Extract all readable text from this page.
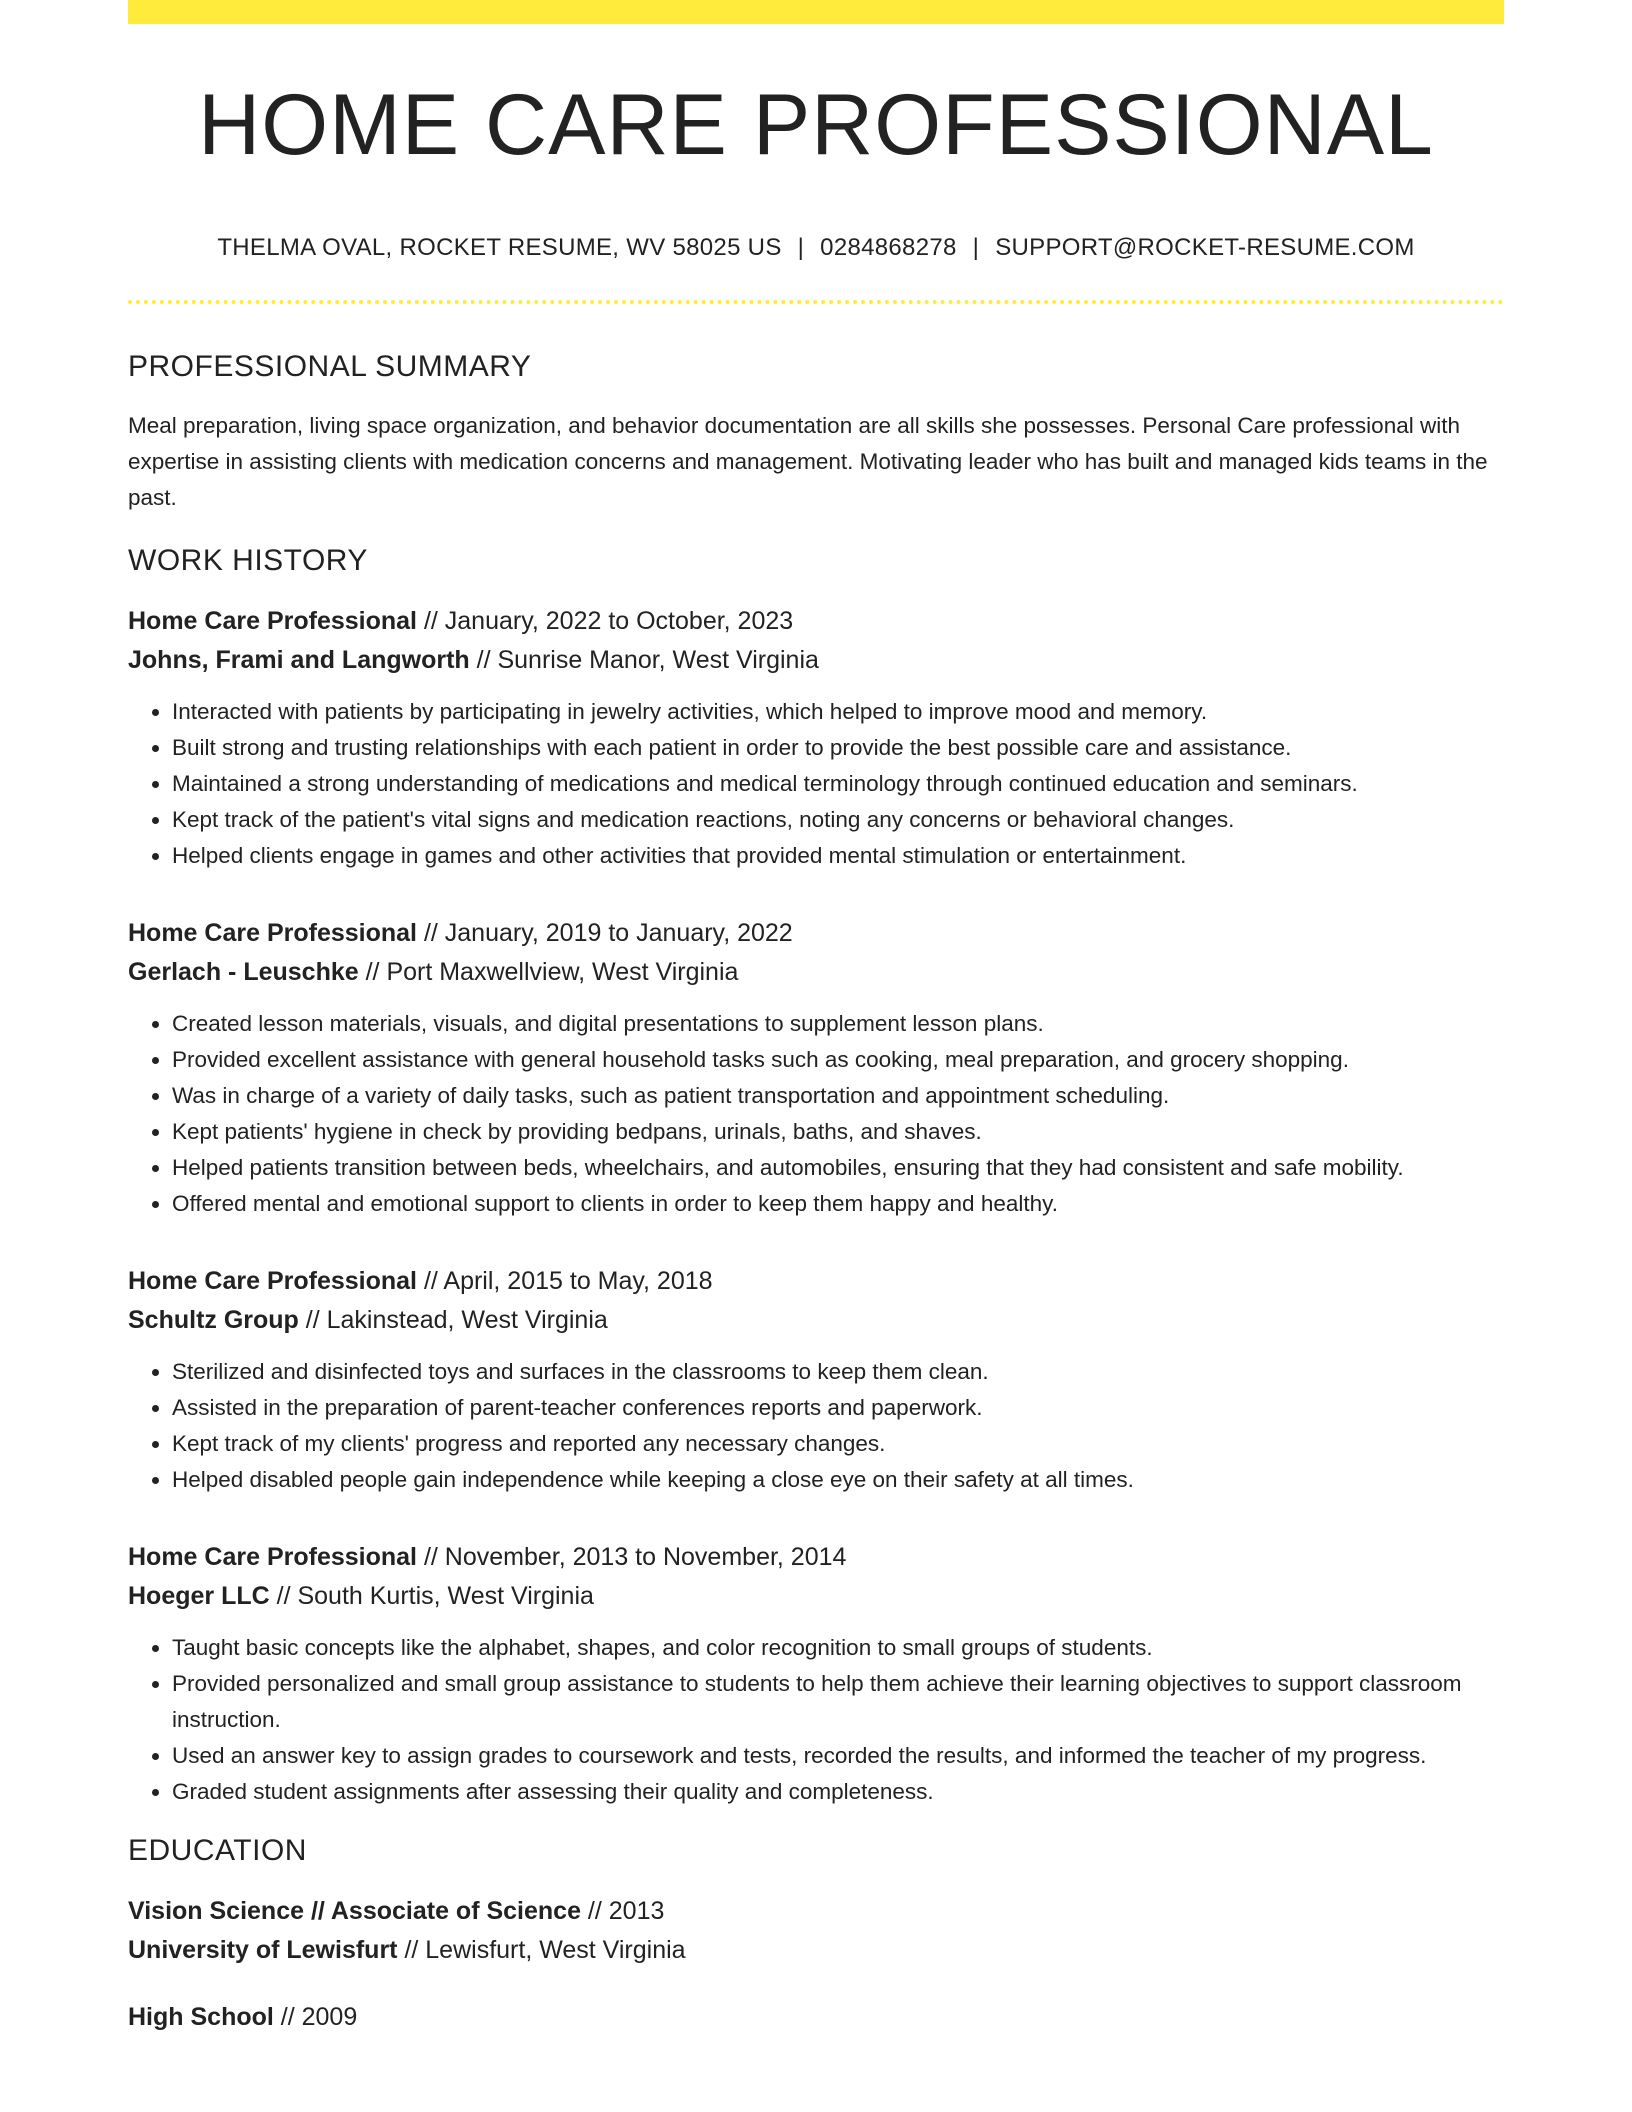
HOME CARE PROFESSIONAL
THELMA OVAL, ROCKET RESUME, WV 58025 US | 0284868278 | SUPPORT@ROCKET-RESUME.COM
PROFESSIONAL SUMMARY

Meal preparation, living space organization, and behavior documentation are all skills she possesses. Personal Care professional with expertise in assisting clients with medication concerns and management. Motivating leader who has built and managed kids teams in the past.

WORK HISTORY
Home Care Professional // January, 2022 to October, 2023
Johns, Frami and Langworth // Sunrise Manor, West Virginia
• Interacted with patients by participating in jewelry activities, which helped to improve mood and memory.
• Built strong and trusting relationships with each patient in order to provide the best possible care and assistance.
• Maintained a strong understanding of medications and medical terminology through continued education and seminars.
• Kept track of the patient's vital signs and medication reactions, noting any concerns or behavioral changes.
• Helped clients engage in games and other activities that provided mental stimulation or entertainment.
Home Care Professional // January, 2019 to January, 2022
Gerlach - Leuschke // Port Maxwellview, West Virginia
• Created lesson materials, visuals, and digital presentations to supplement lesson plans.
• Provided excellent assistance with general household tasks such as cooking, meal preparation, and grocery shopping.
• Was in charge of a variety of daily tasks, such as patient transportation and appointment scheduling.
• Kept patients' hygiene in check by providing bedpans, urinals, baths, and shaves.
• Helped patients transition between beds, wheelchairs, and automobiles, ensuring that they had consistent and safe mobility.
• Offered mental and emotional support to clients in order to keep them happy and healthy.
Home Care Professional // April, 2015 to May, 2018
Schultz Group // Lakinstead, West Virginia
• Sterilized and disinfected toys and surfaces in the classrooms to keep them clean.
• Assisted in the preparation of parent-teacher conferences reports and paperwork.
• Kept track of my clients' progress and reported any necessary changes.
• Helped disabled people gain independence while keeping a close eye on their safety at all times.
Home Care Professional // November, 2013 to November, 2014
Hoeger LLC // South Kurtis, West Virginia
• Taught basic concepts like the alphabet, shapes, and color recognition to small groups of students.
• Provided personalized and small group assistance to students to help them achieve their learning objectives to support classroom instruction.
• Used an answer key to assign grades to coursework and tests, recorded the results, and informed the teacher of my progress.
• Graded student assignments after assessing their quality and completeness.
EDUCATION
Vision Science // Associate of Science // 2013
University of Lewisfurt // Lewisfurt, West Virginia
High School // 2009
